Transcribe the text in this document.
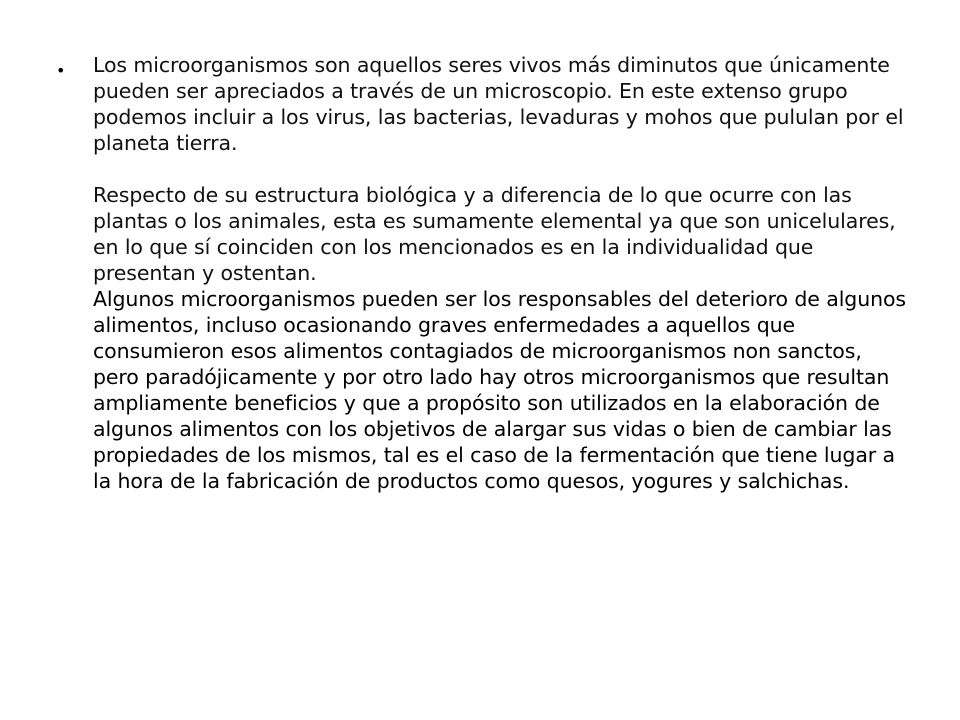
• Los microorganismos son aquellos seres vivos más diminutos que únicamente pueden ser apreciados a través de un microscopio. En este extenso grupo podemos incluir a los virus, las bacterias, levaduras y mohos que pululan por el planeta tierra.
Respecto de su estructura biológica y a diferencia de lo que ocurre con las plantas o los animales, esta es sumamente elemental ya que son unicelulares, en lo que sí coinciden con los mencionados es en la individualidad que presentan y ostentan.
Algunos microorganismos pueden ser los responsables del deterioro de algunos alimentos, incluso ocasionando graves enfermedades a aquellos que consumieron esos alimentos contagiados de microorganismos non sanctos, pero paradójicamente y por otro lado hay otros microorganismos que resultan ampliamente beneficios y que a propósito son utilizados en la elaboración de algunos alimentos con los objetivos de alargar sus vidas o bien de cambiar las propiedades de los mismos, tal es el caso de la fermentación que tiene lugar a la hora de la fabricación de productos como quesos, yogures y salchichas.
